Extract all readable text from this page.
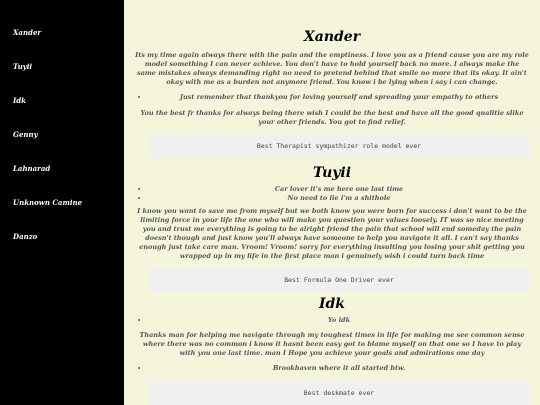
Xander
Tuyii
Idk
Genny
Lahnarad
Unknown Camine
Danzo
Xander

Its my time again always there with the pain and the emptiness. I love you as a friend cause you are my role model something I can never achieve. You don't have to hold yourself back no more. I always make the same mistakes always demanding right no need to pretend behind that smile no more that its okay. It ain't okay with me as a burden not anymore friend. You know i be lying when i say i can change.

• Just remember that thankyou for loving yourself and spreading your empathy to others

You the best fr thanks for always being there wish I could be the best and have all the good qualitie slike your other friends. You got to find relief.

Best Therapist sympathizer role model ever
Tuyii
• Car lover it's me here one last time
• No need to lie i'm a shithole

I know you want to save me from myself but we both know you were born for success i don't want to be the limiting force in your life the one who will make you question your values loosely. IT was so nice meeting you and trust me everything is going to be alright friend the pain that school will end someday the pain doesn't though and just know you'll always have someone to help you navigate it all. I can't say thanks enough just take care man. Vroom! Vroom! sorry for everything insulting you losing your shit getting you wrapped up in my life in the first place man i genuinely wish i could turn back time

Best Formula One Driver ever
Idk
• Yo idk

Thanks man for helping me navigate through my toughest times in life for making me see common sense where there was no common i know it hasnt been easy got to blame myself on that one so I have to play with you one last time. man I Hope you achieve your goals and admirations one day

• Brookhaven where it all started btw.
Best deskmate ever
